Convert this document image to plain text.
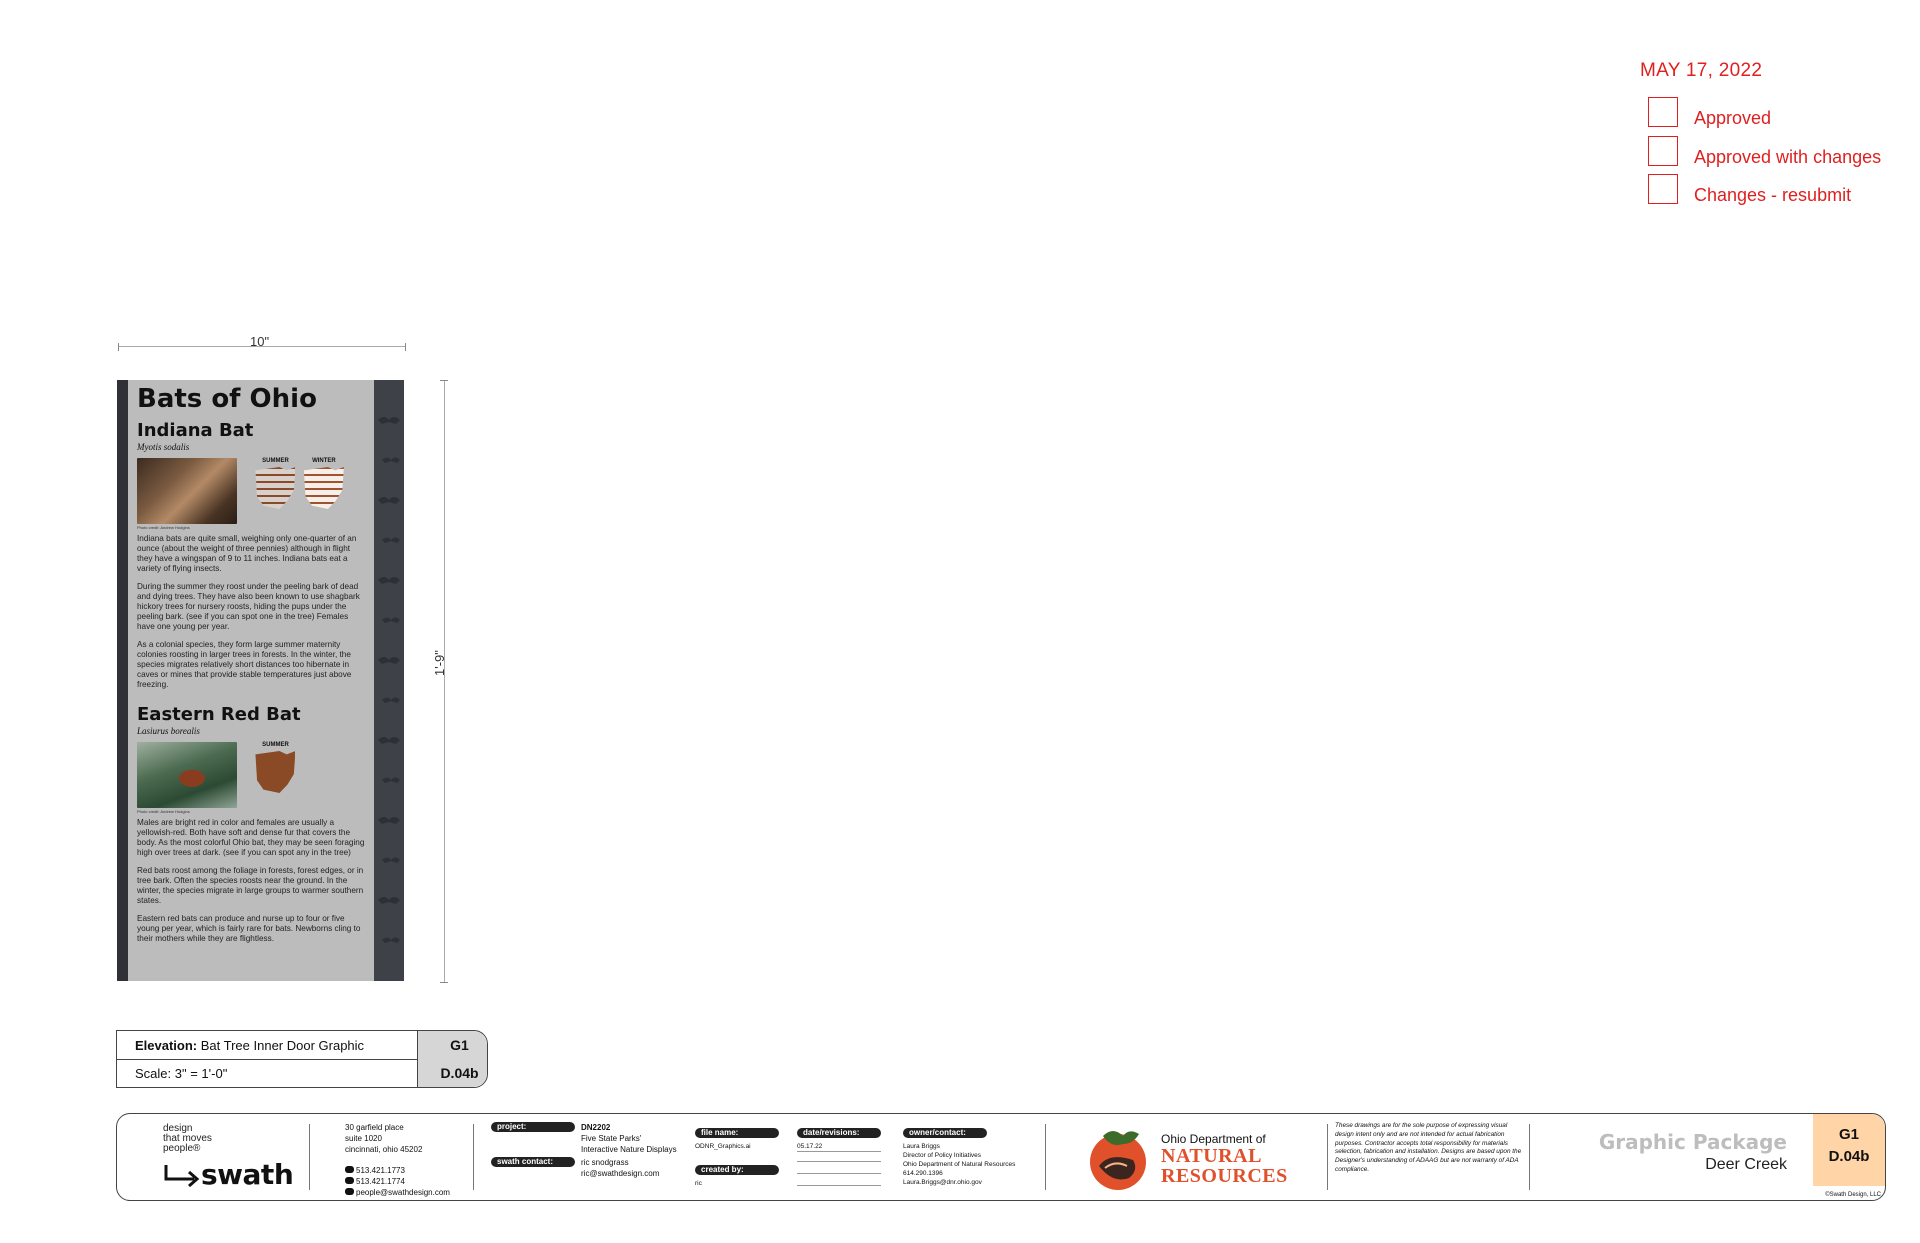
MAY 17, 2022
Approved
Approved with changes
Changes - resubmit
10"
1'-9"
Bats of Ohio
Indiana Bat
Myotis sodalis

SUMMER
	WINTER
Photo credit: Andrew Hodgins
Indiana bats are quite small, weighing only one-quarter of an ounce (about the weight of three pennies) although in flight they have a wingspan of 9 to 11 inches. Indiana bats eat a variety of flying insects.
During the summer they roost under the peeling bark of dead and dying trees. They have also been known to use shagbark hickory trees for nursery roosts, hiding the pups under the peeling bark. (see if you can spot one in the tree) Females have one young per year.
As a colonial species, they form large summer maternity colonies roosting in larger trees in forests. In the winter, the species migrates relatively short distances too hibernate in caves or mines that provide stable temperatures just above freezing.
Eastern Red Bat
Lasiurus borealis

SUMMER
Photo credit: Andrew Hodgins
Males are bright red in color and females are usually a yellowish-red. Both have soft and dense fur that covers the body. As the most colorful Ohio bat, they may be seen foraging high over trees at dark. (see if you can spot any in the tree)
Red bats roost among the foliage in forests, forest edges, or in tree bark. Often the species roosts near the ground. In the winter, the species migrate in large groups to warmer southern states.
Eastern red bats can produce and nurse up to four or five young per year, which is fairly rare for bats. Newborns cling to their mothers while they are flightless.
Elevation: Bat Tree Inner Door Graphic	G1
Scale: 3" = 1'-0"	D.04b
design
that moves
people®
swath
30 garfield place
suite 1020
cincinnati, ohio 45202
513.421.1773
513.421.1774
people@swathdesign.com
project:	DN2202
Five State Parks'
Interactive Nature Displays
swath contact:	ric snodgrass
ric@swathdesign.com
file name:
ODNR_Graphics.ai
created by:
ric
date/revisions:
05.17.22
owner/contact:
Laura Briggs
Director of Policy Initiatives
Ohio Department of Natural Resources
614.290.1396
Laura.Briggs@dnr.ohio.gov
Ohio Department of
NATURAL
RESOURCES
These drawings are for the sole purpose of expressing visual design intent only and are not intended for actual fabrication purposes. Contractor accepts total responsibility for materials selection, fabrication and installation. Designs are based upon the Designer's understanding of ADAAG but are not warranty of ADA compliance.
Graphic Package
Deer Creek
G1
D.04b
©Swath Design, LLC
